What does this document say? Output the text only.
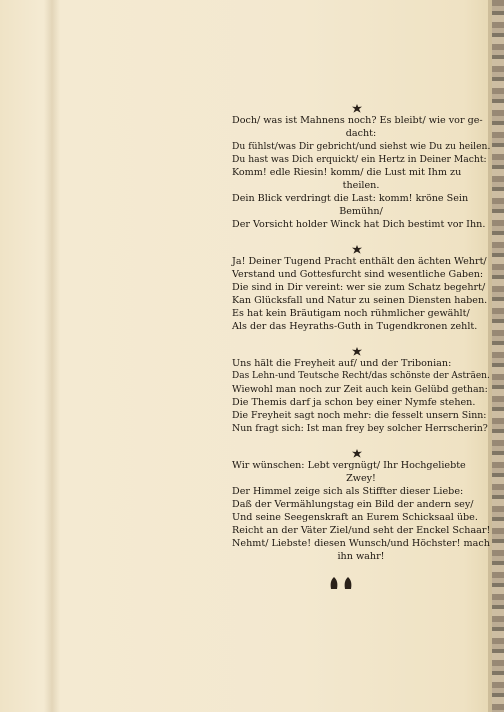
Doch/ was ist Mahnens noch? Es bleibt/ wie vor ge-
dacht:
Du fühlst/was Dir gebricht/und siehst wie Du zu heilen.
Du hast was Dich erquickt/ ein Hertz in Deiner Macht:
Komm! edle Riesin! komm/ die Lust mit Ihm zu
theilen.
Dein Blick verdringt die Last: komm! kröne Sein
Bemühn/
Der Vorsicht holder Winck hat Dich bestimt vor Ihn.
Ja! Deiner Tugend Pracht enthält den ächten Wehrt/
Verstand und Gottesfurcht sind wesentliche Gaben:
Die sind in Dir vereint: wer sie zum Schatz begehrt/
Kan Glücksfall und Natur zu seinen Diensten haben.
Es hat kein Bräutigam noch rühmlicher gewählt/
Als der das Heyraths-Guth in Tugendkronen zehlt.
Uns hält die Freyheit auf/ und der Tribonian:
Das Lehn-und Teutsche Recht/das schönste der Asträen.
Wiewohl man noch zur Zeit auch kein Gelübd gethan:
Die Themis darf ja schon bey einer Nymfe stehen.
Die Freyheit sagt noch mehr: die fesselt unsern Sinn:
Nun fragt sich: Ist man frey bey solcher Herrscherin?
Wir wünschen: Lebt vergnügt/ Ihr Hochgeliebte
Zwey!
Der Himmel zeige sich als Stiffter dieser Liebe:
Daß der Vermählungstag ein Bild der andern sey/
Und seine Seegenskraft an Eurem Schicksaal übe.
Reicht an der Väter Ziel/und seht der Enckel Schaar!
Nehmt/ Liebste! diesen Wunsch/und Höchster! mach
ihn wahr!
